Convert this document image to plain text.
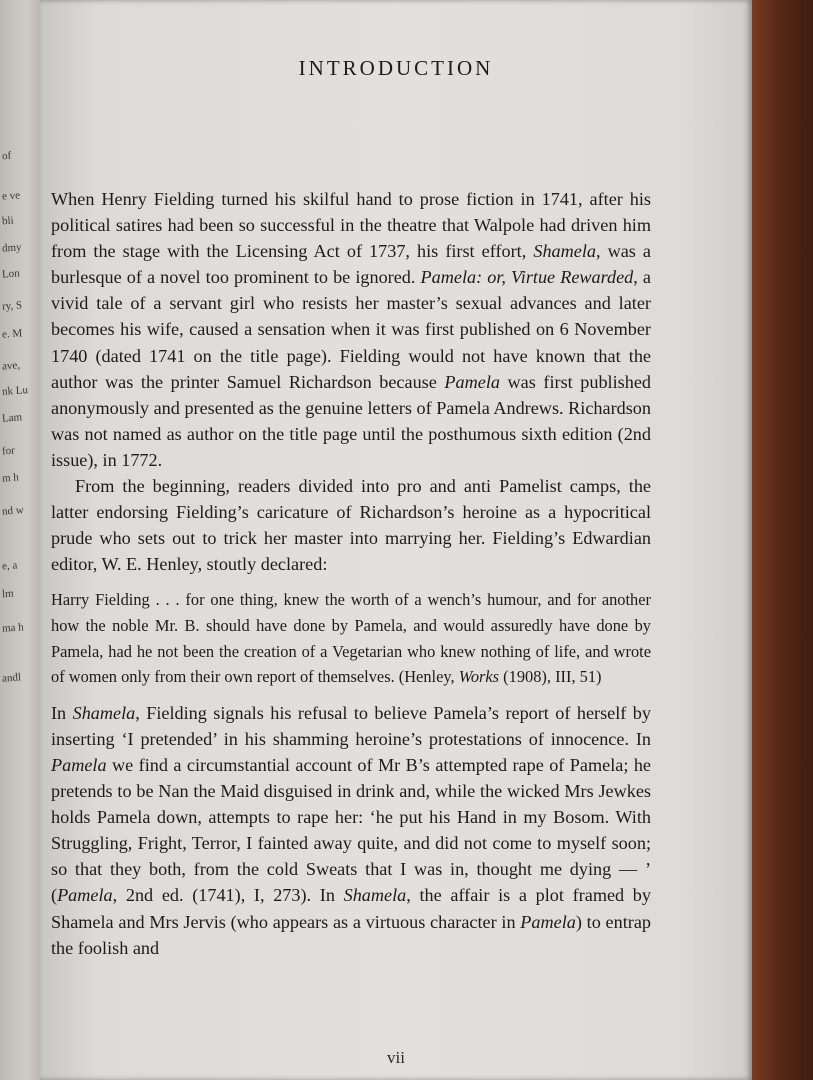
of
e ve
bli
dmy
Lon
ry, S
e. M
ave,
nk Lu
Lam
for
m h
nd w
e, a
lm
ma h
andl
INTRODUCTION

When Henry Fielding turned his skilful hand to prose fiction in 1741, after his political satires had been so successful in the theatre that Walpole had driven him from the stage with the Licensing Act of 1737, his first effort, Shamela, was a burlesque of a novel too prominent to be ignored. Pamela: or, Virtue Rewarded, a vivid tale of a servant girl who resists her master’s sexual advances and later becomes his wife, caused a sensation when it was first published on 6 November 1740 (dated 1741 on the title page). Fielding would not have known that the author was the printer Samuel Richardson because Pamela was first published anonymously and presented as the genuine letters of Pamela Andrews. Richardson was not named as author on the title page until the posthumous sixth edition (2nd issue), in 1772.

From the beginning, readers divided into pro and anti Pamelist camps, the latter endorsing Fielding’s caricature of Richardson’s heroine as a hypocritical prude who sets out to trick her master into marrying her. Fielding’s Edwardian editor, W. E. Henley, stoutly declared:

Harry Fielding . . . for one thing, knew the worth of a wench’s humour, and for another how the noble Mr. B. should have done by Pamela, and would assuredly have done by Pamela, had he not been the creation of a Vegetarian who knew nothing of life, and wrote of women only from their own report of themselves. (Henley, Works (1908), III, 51)

In Shamela, Fielding signals his refusal to believe Pamela’s report of herself by inserting ‘I pretended’ in his shamming heroine’s protestations of innocence. In Pamela we find a circumstantial account of Mr B’s attempted rape of Pamela; he pretends to be Nan the Maid disguised in drink and, while the wicked Mrs Jewkes holds Pamela down, attempts to rape her: ‘he put his Hand in my Bosom. With Struggling, Fright, Terror, I fainted away quite, and did not come to myself soon; so that they both, from the cold Sweats that I was in, thought me dying — ’ (Pamela, 2nd ed. (1741), I, 273). In Shamela, the affair is a plot framed by Shamela and Mrs Jervis (who appears as a virtuous character in Pamela) to entrap the foolish and

vii
